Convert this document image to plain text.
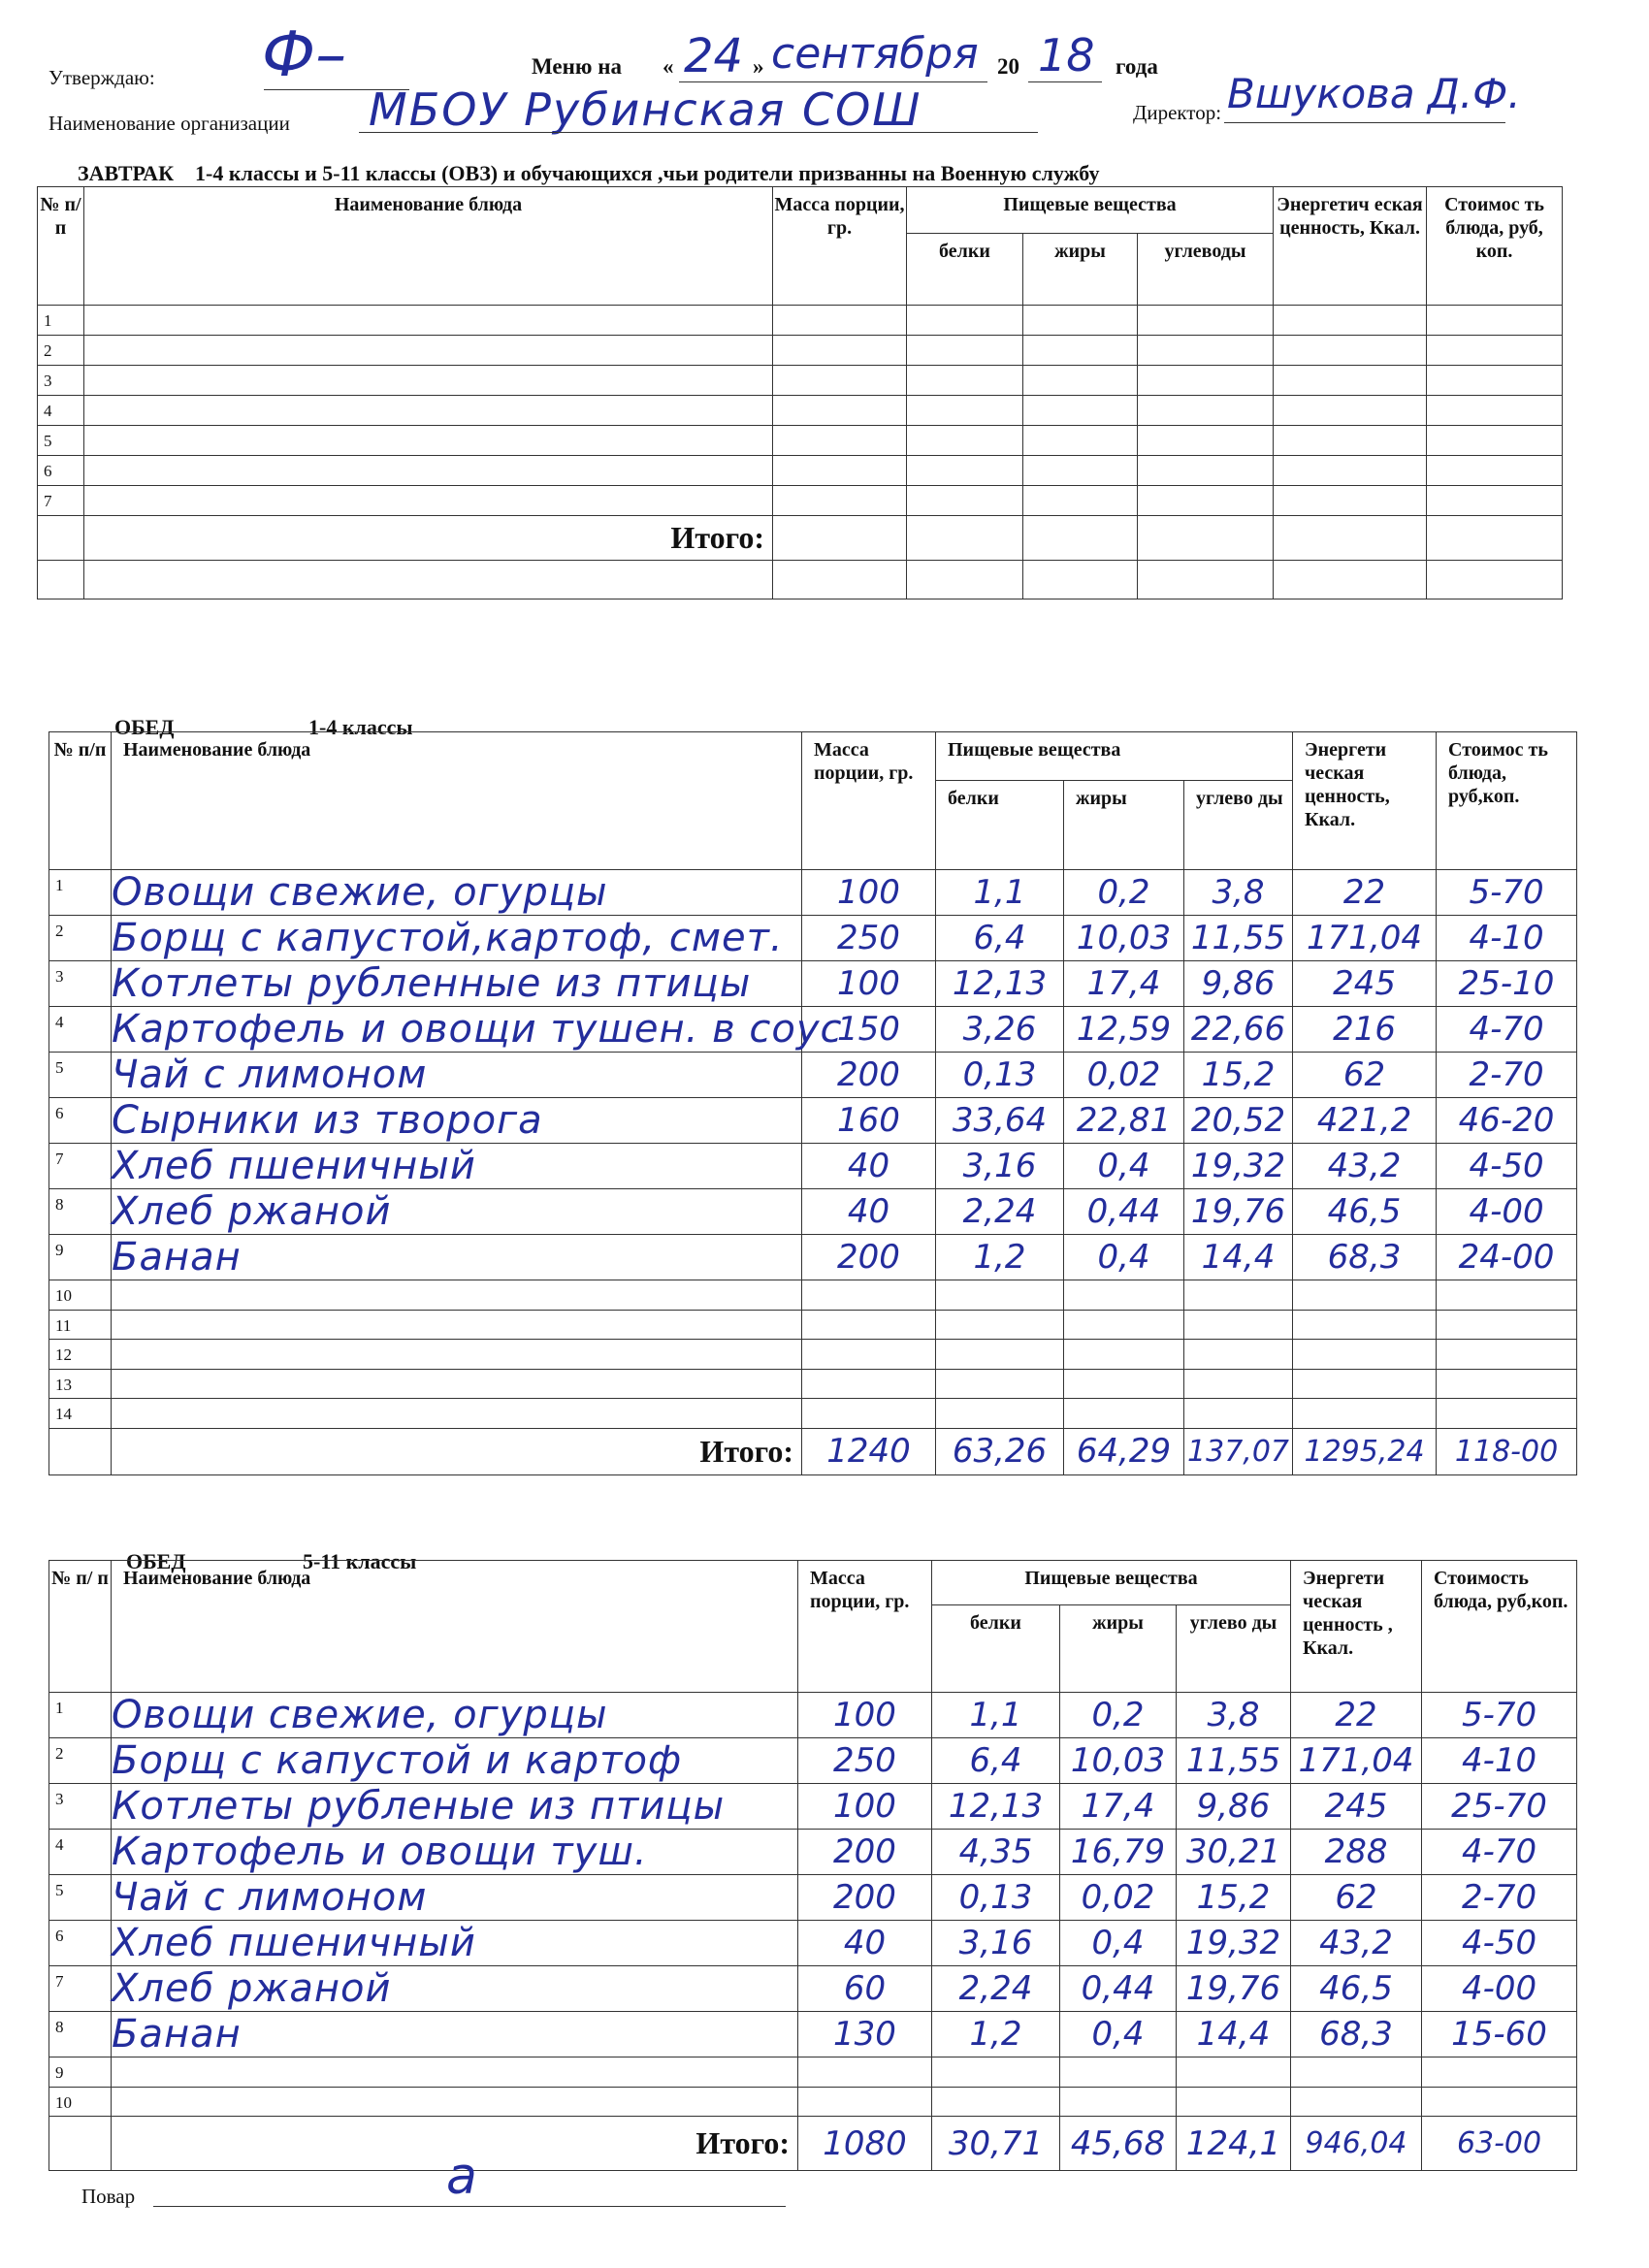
Утверждаю: Ф–	Меню на « 24 » сентября 20 18 года
Наименование организации МБОУ Рубинская СОШ	Директор: Вшукова Д.Ф.
ЗАВТРАК    1-4 классы и 5-11 классы (ОВЗ) и обучающихся ,чьи родители призванны на Военную службу
№ п/ п	Наименование блюда	Масса порции, гр.	Пищевые вещества			Энергетич еская ценность, Ккал.	Стоимос ть блюда, руб, коп.
			белки	жиры	углеводы		
1							
2							
3							
4							
5							
6							
7							
	Итого:						

ОБЕД	1-4 классы
№ п/п	Наименование блюда	Масса порции, гр.	Пищевые вещества			Энергети ческая ценность, Ккал.	Стоимос ть блюда, руб,коп.
			белки	жиры	углево ды		
1	Овощи свежие, огурцы	100	1,1	0,2	3,8	22	5-70
2	Борщ с капустой,картоф, смет.	250	6,4	10,03	11,55	171,04	4-10
3	Котлеты рубленные из птицы	100	12,13	17,4	9,86	245	25-10
4	Картофель и овощи тушен. в соус	150	3,26	12,59	22,66	216	4-70
5	Чай с лимоном	200	0,13	0,02	15,2	62	2-70
6	Сырники из творога	160	33,64	22,81	20,52	421,2	46-20
7	Хлеб пшеничный	40	3,16	0,4	19,32	43,2	4-50
8	Хлеб ржаной	40	2,24	0,44	19,76	46,5	4-00
9	Банан	200	1,2	0,4	14,4	68,3	24-00
10							
11							
12							
13							
14							
	Итого:	1240	63,26	64,29	137,07	1295,24	118-00
ОБЕД	5-11 классы
№ п/ п	Наименование блюда	Масса порции, гр.	Пищевые вещества			Энергети ческая ценность , Ккал.	Стоимость блюда, руб,коп.
			белки	жиры	углево ды		
1	Овощи свежие, огурцы	100	1,1	0,2	3,8	22	5-70
2	Борщ с капустой и картоф	250	6,4	10,03	11,55	171,04	4-10
3	Котлеты рубленые из птицы	100	12,13	17,4	9,86	245	25-70
4	Картофель и овощи туш.	200	4,35	16,79	30,21	288	4-70
5	Чай с лимоном	200	0,13	0,02	15,2	62	2-70
6	Хлеб пшеничный	40	3,16	0,4	19,32	43,2	4-50
7	Хлеб ржаной	60	2,24	0,44	19,76	46,5	4-00
8	Банан	130	1,2	0,4	14,4	68,3	15-60
9							
10							
	Итого:	1080	30,71	45,68	124,1	946,04	63-00
Повар	а
